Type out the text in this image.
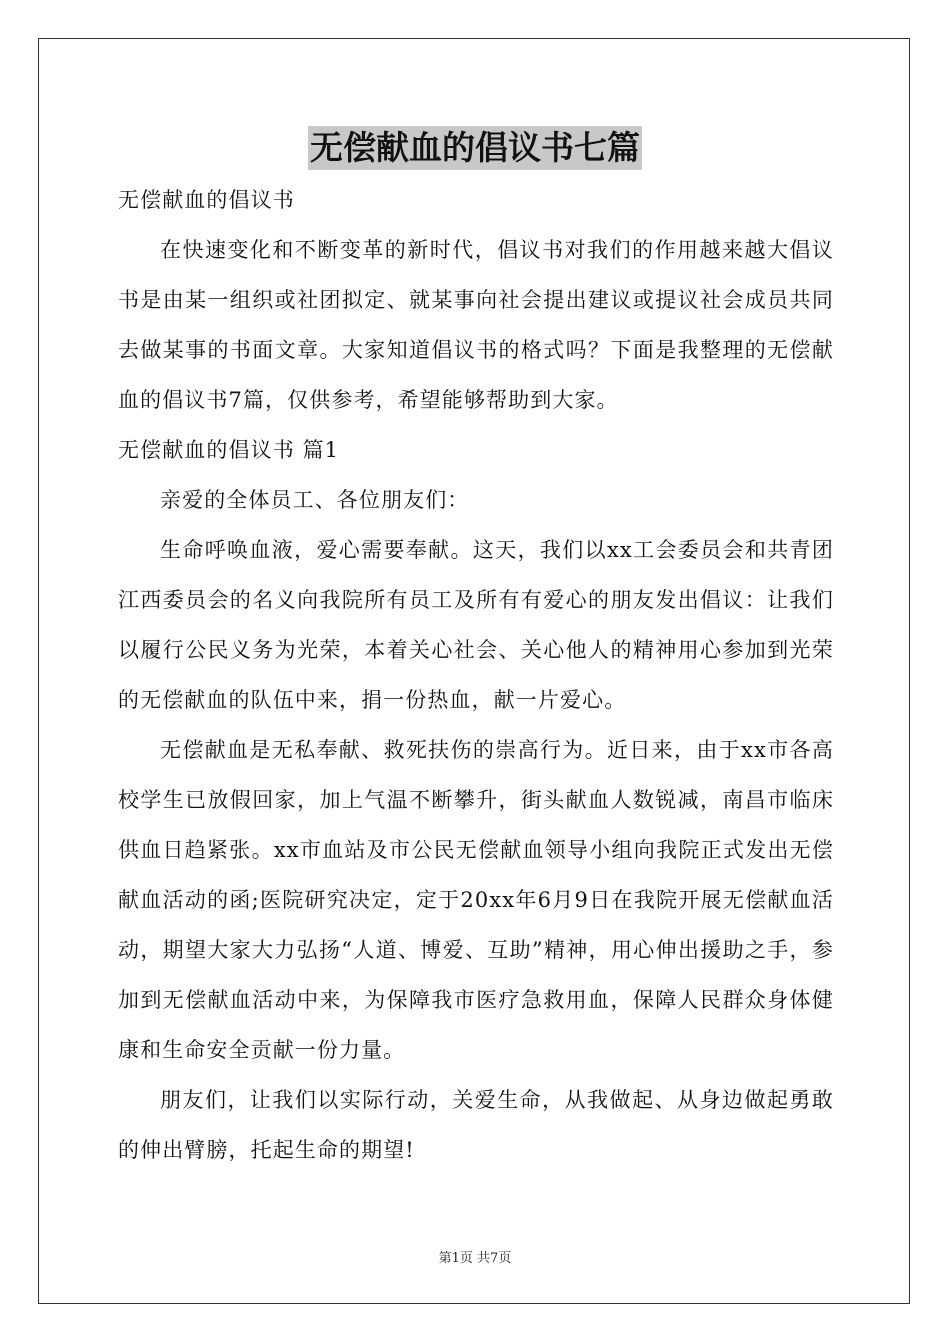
无偿献血的倡议书七篇

无偿献血的倡议书

在快速变化和不断变革的新时代，倡议书对我们的作用越来越大倡议书是由某一组织或社团拟定、就某事向社会提出建议或提议社会成员共同去做某事的书面文章。大家知道倡议书的格式吗？下面是我整理的无偿献血的倡议书7篇，仅供参考，希望能够帮助到大家。

无偿献血的倡议书 篇1

亲爱的全体员工、各位朋友们：

生命呼唤血液，爱心需要奉献。这天，我们以xx工会委员会和共青团江西委员会的名义向我院所有员工及所有有爱心的朋友发出倡议：让我们以履行公民义务为光荣，本着关心社会、关心他人的精神用心参加到光荣的无偿献血的队伍中来，捐一份热血，献一片爱心。

无偿献血是无私奉献、救死扶伤的崇高行为。近日来，由于xx市各高校学生已放假回家，加上气温不断攀升，街头献血人数锐减，南昌市临床供血日趋紧张。xx市血站及市公民无偿献血领导小组向我院正式发出无偿献血活动的函;医院研究决定，定于20xx年6月9日在我院开展无偿献血活动，期望大家大力弘扬“人道、博爱、互助”精神，用心伸出援助之手，参加到无偿献血活动中来，为保障我市医疗急救用血，保障人民群众身体健康和生命安全贡献一份力量。

朋友们，让我们以实际行动，关爱生命，从我做起、从身边做起勇敢的伸出臂膀，托起生命的期望!

第1页 共7页
